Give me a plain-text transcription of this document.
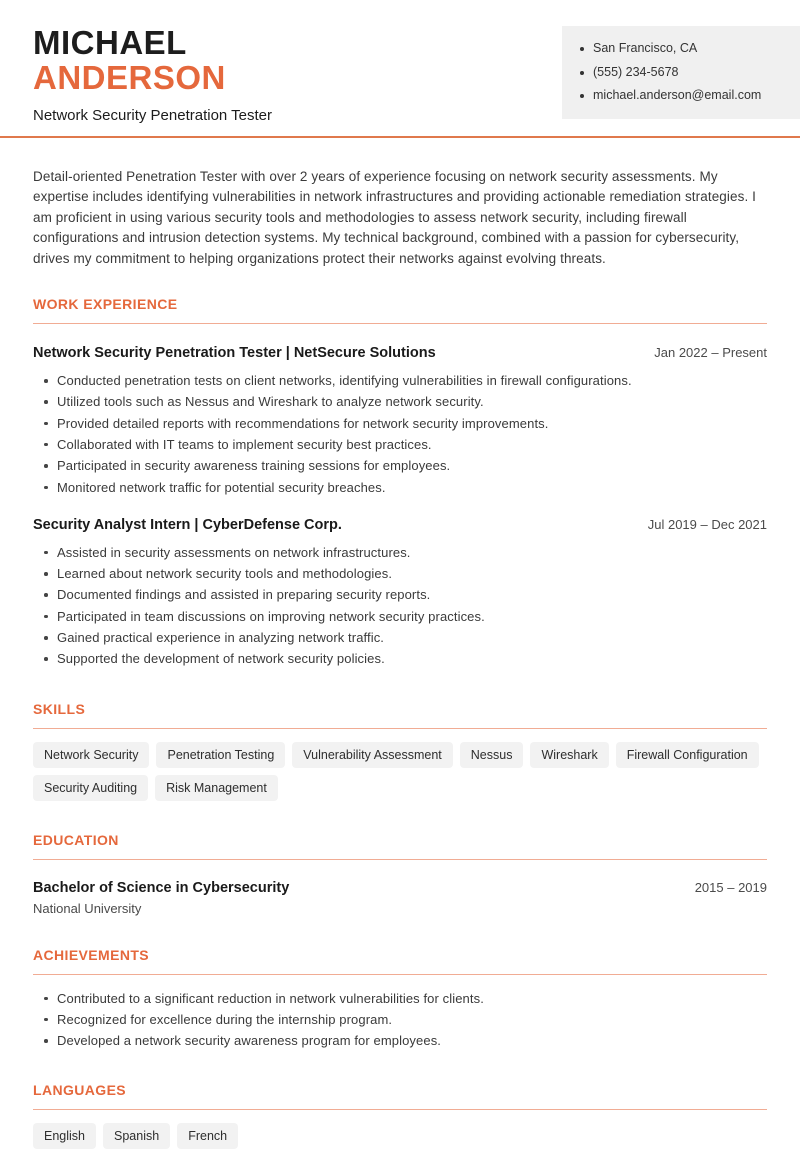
MICHAEL
ANDERSON
Network Security Penetration Tester
San Francisco, CA
(555) 234-5678
michael.anderson@email.com

Detail-oriented Penetration Tester with over 2 years of experience focusing on network security assessments. My expertise includes identifying vulnerabilities in network infrastructures and providing actionable remediation strategies. I am proficient in using various security tools and methodologies to assess network security, including firewall configurations and intrusion detection systems. My technical background, combined with a passion for cybersecurity, drives my commitment to helping organizations protect their networks against evolving threats.

WORK EXPERIENCE
Network Security Penetration Tester | NetSecure Solutions	Jan 2022 – Present
Conducted penetration tests on client networks, identifying vulnerabilities in firewall configurations.
Utilized tools such as Nessus and Wireshark to analyze network security.
Provided detailed reports with recommendations for network security improvements.
Collaborated with IT teams to implement security best practices.
Participated in security awareness training sessions for employees.
Monitored network traffic for potential security breaches.
Security Analyst Intern | CyberDefense Corp.	Jul 2019 – Dec 2021
Assisted in security assessments on network infrastructures.
Learned about network security tools and methodologies.
Documented findings and assisted in preparing security reports.
Participated in team discussions on improving network security practices.
Gained practical experience in analyzing network traffic.
Supported the development of network security policies.
SKILLS
Network Security	Penetration Testing	Vulnerability Assessment	Nessus	Wireshark	Firewall Configuration
Security Auditing	Risk Management
EDUCATION
Bachelor of Science in Cybersecurity	2015 – 2019
National University
ACHIEVEMENTS
Contributed to a significant reduction in network vulnerabilities for clients.
Recognized for excellence during the internship program.
Developed a network security awareness program for employees.
LANGUAGES
English	Spanish	French
